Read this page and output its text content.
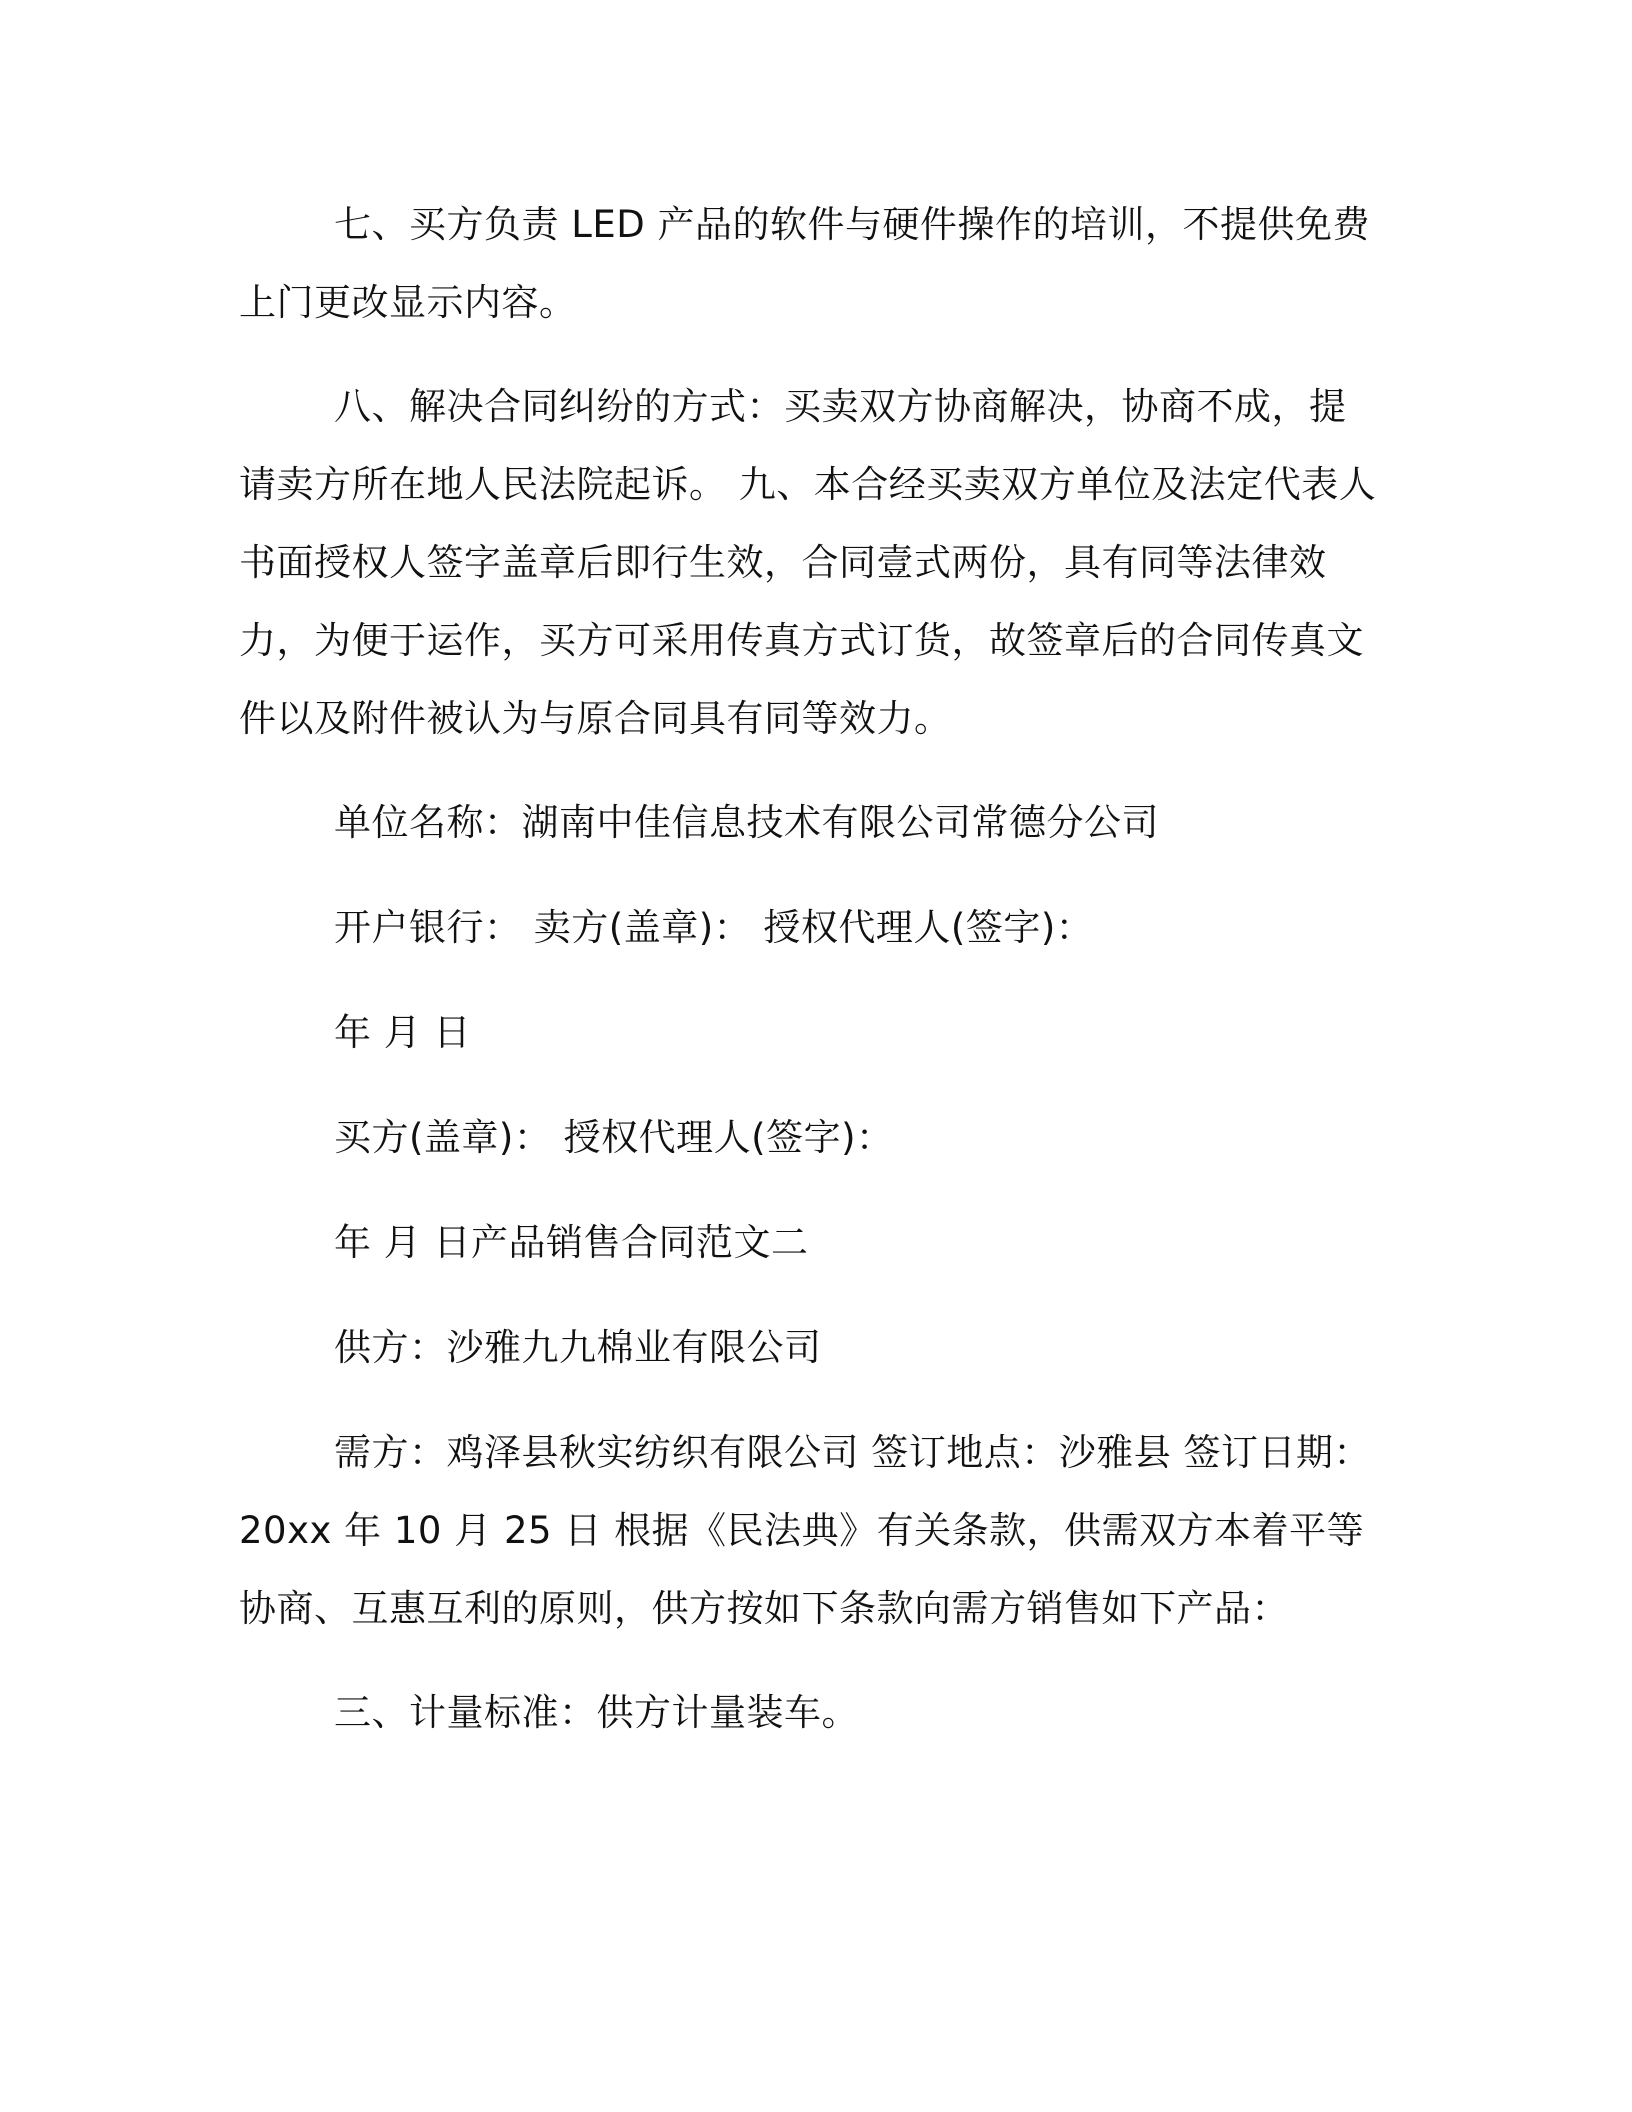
七、买方负责 LED 产品的软件与硬件操作的培训，不提供免费上门更改显示内容。

八、解决合同纠纷的方式：买卖双方协商解决，协商不成，提请卖方所在地人民法院起诉。 九、本合经买卖双方单位及法定代表人书面授权人签字盖章后即行生效，合同壹式两份，具有同等法律效力，为便于运作，买方可采用传真方式订货，故签章后的合同传真文件以及附件被认为与原合同具有同等效力。

单位名称：湖南中佳信息技术有限公司常德分公司

开户银行： 卖方(盖章)： 授权代理人(签字)：

年 月 日

买方(盖章)： 授权代理人(签字)：

年 月 日产品销售合同范文二

供方：沙雅九九棉业有限公司

需方：鸡泽县秋实纺织有限公司 签订地点：沙雅县 签订日期：20xx 年 10 月 25 日 根据《民法典》有关条款，供需双方本着平等协商、互惠互利的原则，供方按如下条款向需方销售如下产品：

三、计量标准：供方计量装车。
